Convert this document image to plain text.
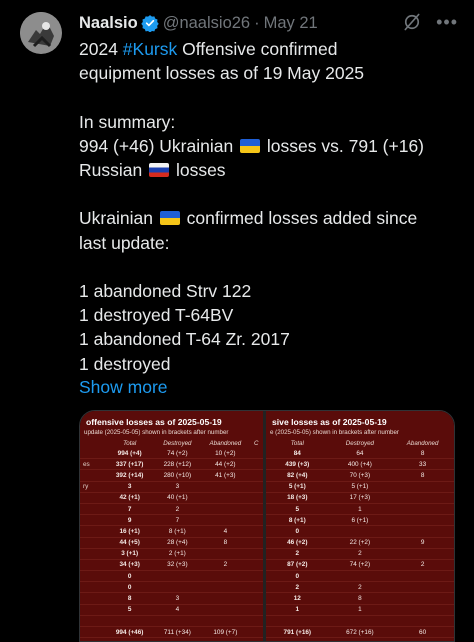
Naalsio @naalsio26 · May 21	•••

2024 #Kursk Offensive confirmed

equipment losses as of 19 May 2025

In summary:

994 (+46) Ukrainian  losses vs. 791 (+16)

Russian  losses

Ukrainian  confirmed losses added since

last update:

1 abandoned Strv 122

1 destroyed T-64BV

1 abandoned T-64 Zr. 2017

1 destroyed

Show more
offensive losses as of 2025-05-19
update (2025-05-05) shown in brackets after number
	Total	Destroyed	Abandoned	C
	994 (+4)	74 (+2)	10 (+2)	
es	337 (+17)	228 (+12)	44 (+2)	
	392 (+14)	280 (+10)	41 (+3)	
ry	3	3		
	42 (+1)	40 (+1)		
	7	2		
	9	7		
	16 (+1)	8 (+1)	4	
	44 (+5)	28 (+4)	8	
	3 (+1)	2 (+1)		
	34 (+3)	32 (+3)	2	
	0			
	0			
	8	3		
	5	4		

	994 (+46)	711 (+34)	109 (+7)	
sive losses as of 2025-05-19
e (2025-05-05) shown in brackets after number
Total	Destroyed	Abandoned
84	64	8
439 (+3)	400 (+4)	33
82 (+4)	70 (+3)	8
5 (+1)	5 (+1)	
18 (+3)	17 (+3)	
5	1	
8 (+1)	6 (+1)	
0		
46 (+2)	22 (+2)	9
2	2	
87 (+2)	74 (+2)	2
0		
2	2	
12	8	
1	1	

791 (+16)	672 (+16)	60
